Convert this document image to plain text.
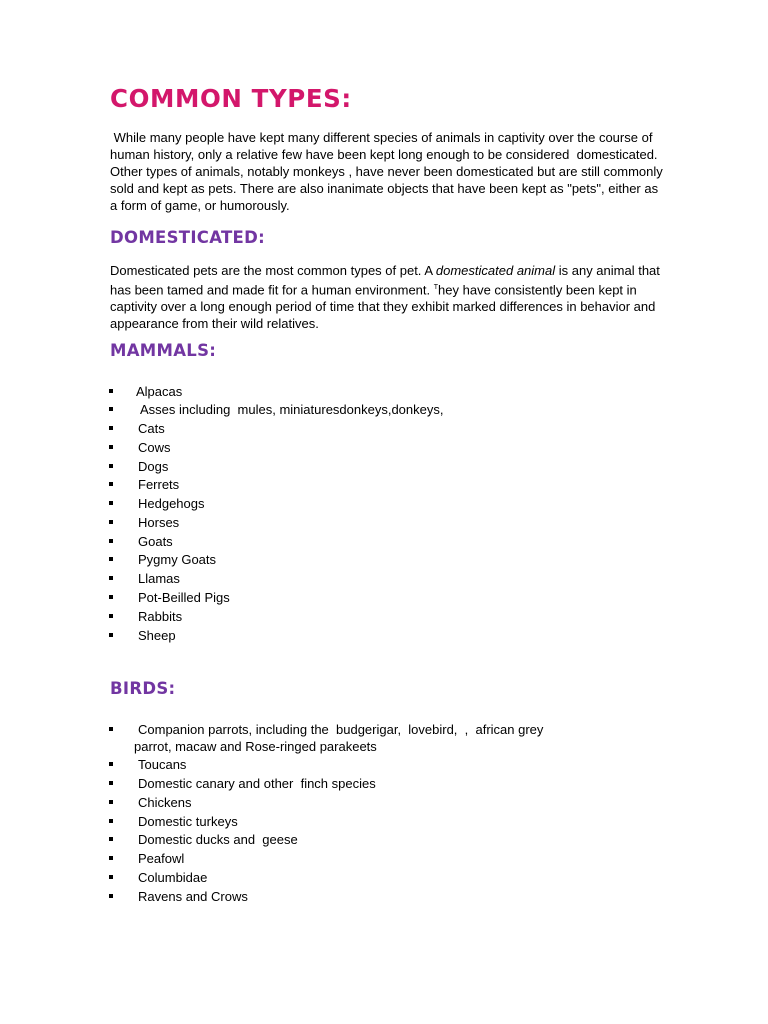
COMMON TYPES:
While many people have kept many different species of animals in captivity over the course of
human history, only a relative few have been kept long enough to be considered  domesticated.
Other types of animals, notably monkeys , have never been domesticated but are still commonly
sold and kept as pets. There are also inanimate objects that have been kept as "pets", either as
a form of game, or humorously.
DOMESTICATED:
Domesticated pets are the most common types of pet. A domesticated animal is any animal that
has been tamed and made fit for a human environment. $^T$hey have consistently been kept in
captivity over a long enough period of time that they exhibit marked differences in behavior and
appearance from their wild relatives.
MAMMALS:
Alpacas
Asses including  mules, miniaturesdonkeys,donkeys,
Cats
Cows
Dogs
Ferrets
Hedgehogs
Horses
Goats
Pygmy Goats
Llamas
Pot-Beilled Pigs
Rabbits
Sheep
BIRDS:
Companion parrots, including the  budgerigar,  lovebird,  ,  african grey
parrot, macaw and Rose-ringed parakeets
Toucans
Domestic canary and other  finch species
Chickens
Domestic turkeys
Domestic ducks and  geese
Peafowl
Columbidae
Ravens and Crows
